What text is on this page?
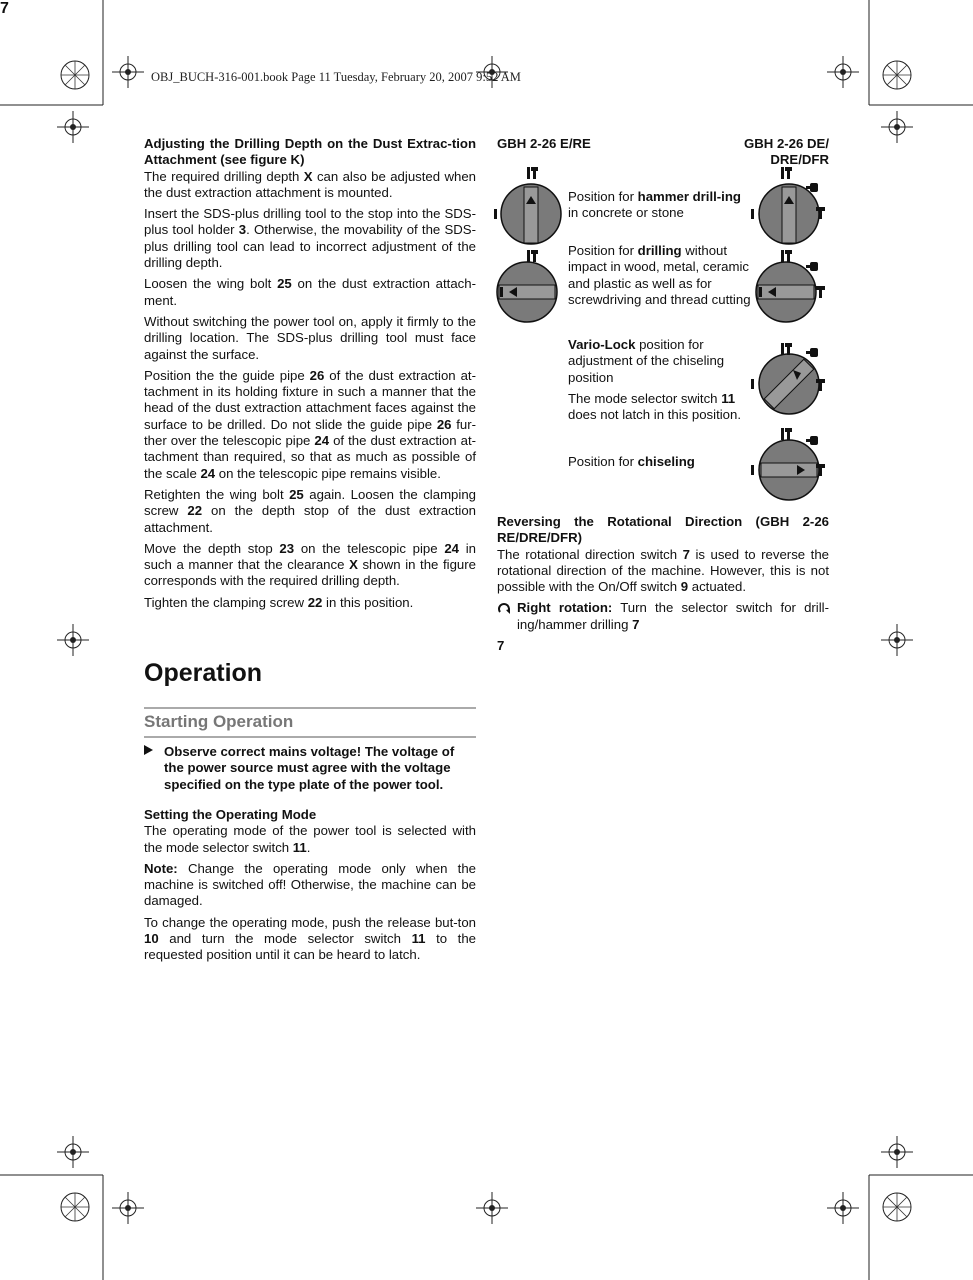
OBJ_BUCH-316-001.book Page 11 Tuesday, February 20, 2007 9:52 AM

Adjusting the Drilling Depth on the Dust Extrac-tion Attachment (see figure K)

The required drilling depth X can also be adjusted when the dust extraction attachment is mounted.

Insert the SDS-plus drilling tool to the stop into the SDS-plus tool holder 3. Otherwise, the movability of the SDS-plus drilling tool can lead to incorrect adjustment of the drilling depth.

Loosen the wing bolt 25 on the dust extraction attach-ment.

Without switching the power tool on, apply it firmly to the drilling location. The SDS-plus drilling tool must face against the surface.

Position the the guide pipe 26 of the dust extraction at-tachment in its holding fixture in such a manner that the head of the dust extraction attachment faces against the surface to be drilled. Do not slide the guide pipe 26 fur-ther over the telescopic pipe 24 of the dust extraction at-tachment than required, so that as much as possible of the scale 24 on the telescopic pipe remains visible.

Retighten the wing bolt 25 again. Loosen the clamping screw 22 on the depth stop of the dust extraction attachment.

Move the depth stop 23 on the telescopic pipe 24 in such a manner that the clearance X shown in the figure corresponds with the required drilling depth.

Tighten the clamping screw 22 in this position.

Operation
Starting Operation
Observe correct mains voltage! The voltage of the power source must agree with the voltage specified on the type plate of the power tool.

Setting the Operating Mode

The operating mode of the power tool is selected with the mode selector switch 11.

Note: Change the operating mode only when the machine is switched off! Otherwise, the machine can be damaged.

To change the operating mode, push the release but-ton 10 and turn the mode selector switch 11 to the requested position until it can be heard to latch.

GBH 2-26 E/RE	GBH 2-26 DE/
DRE/DFR
Position for hammer drill-ing in concrete or stone
Position for drilling without impact in wood, metal, ceramic and plastic as well as for screwdriving and thread cutting
Vario-Lock position for adjustment of the chiseling position
The mode selector switch 11 does not latch in this position.
Position for chiseling

Reversing the Rotational Direction (GBH 2-26 RE/DRE/DFR)

The rotational direction switch 7 is used to reverse the rotational direction of the machine. However, this is not possible with the On/Off switch 9 actuated.

Right rotation: Turn the selector switch for drill-ing/hammer drilling 7

7
7
